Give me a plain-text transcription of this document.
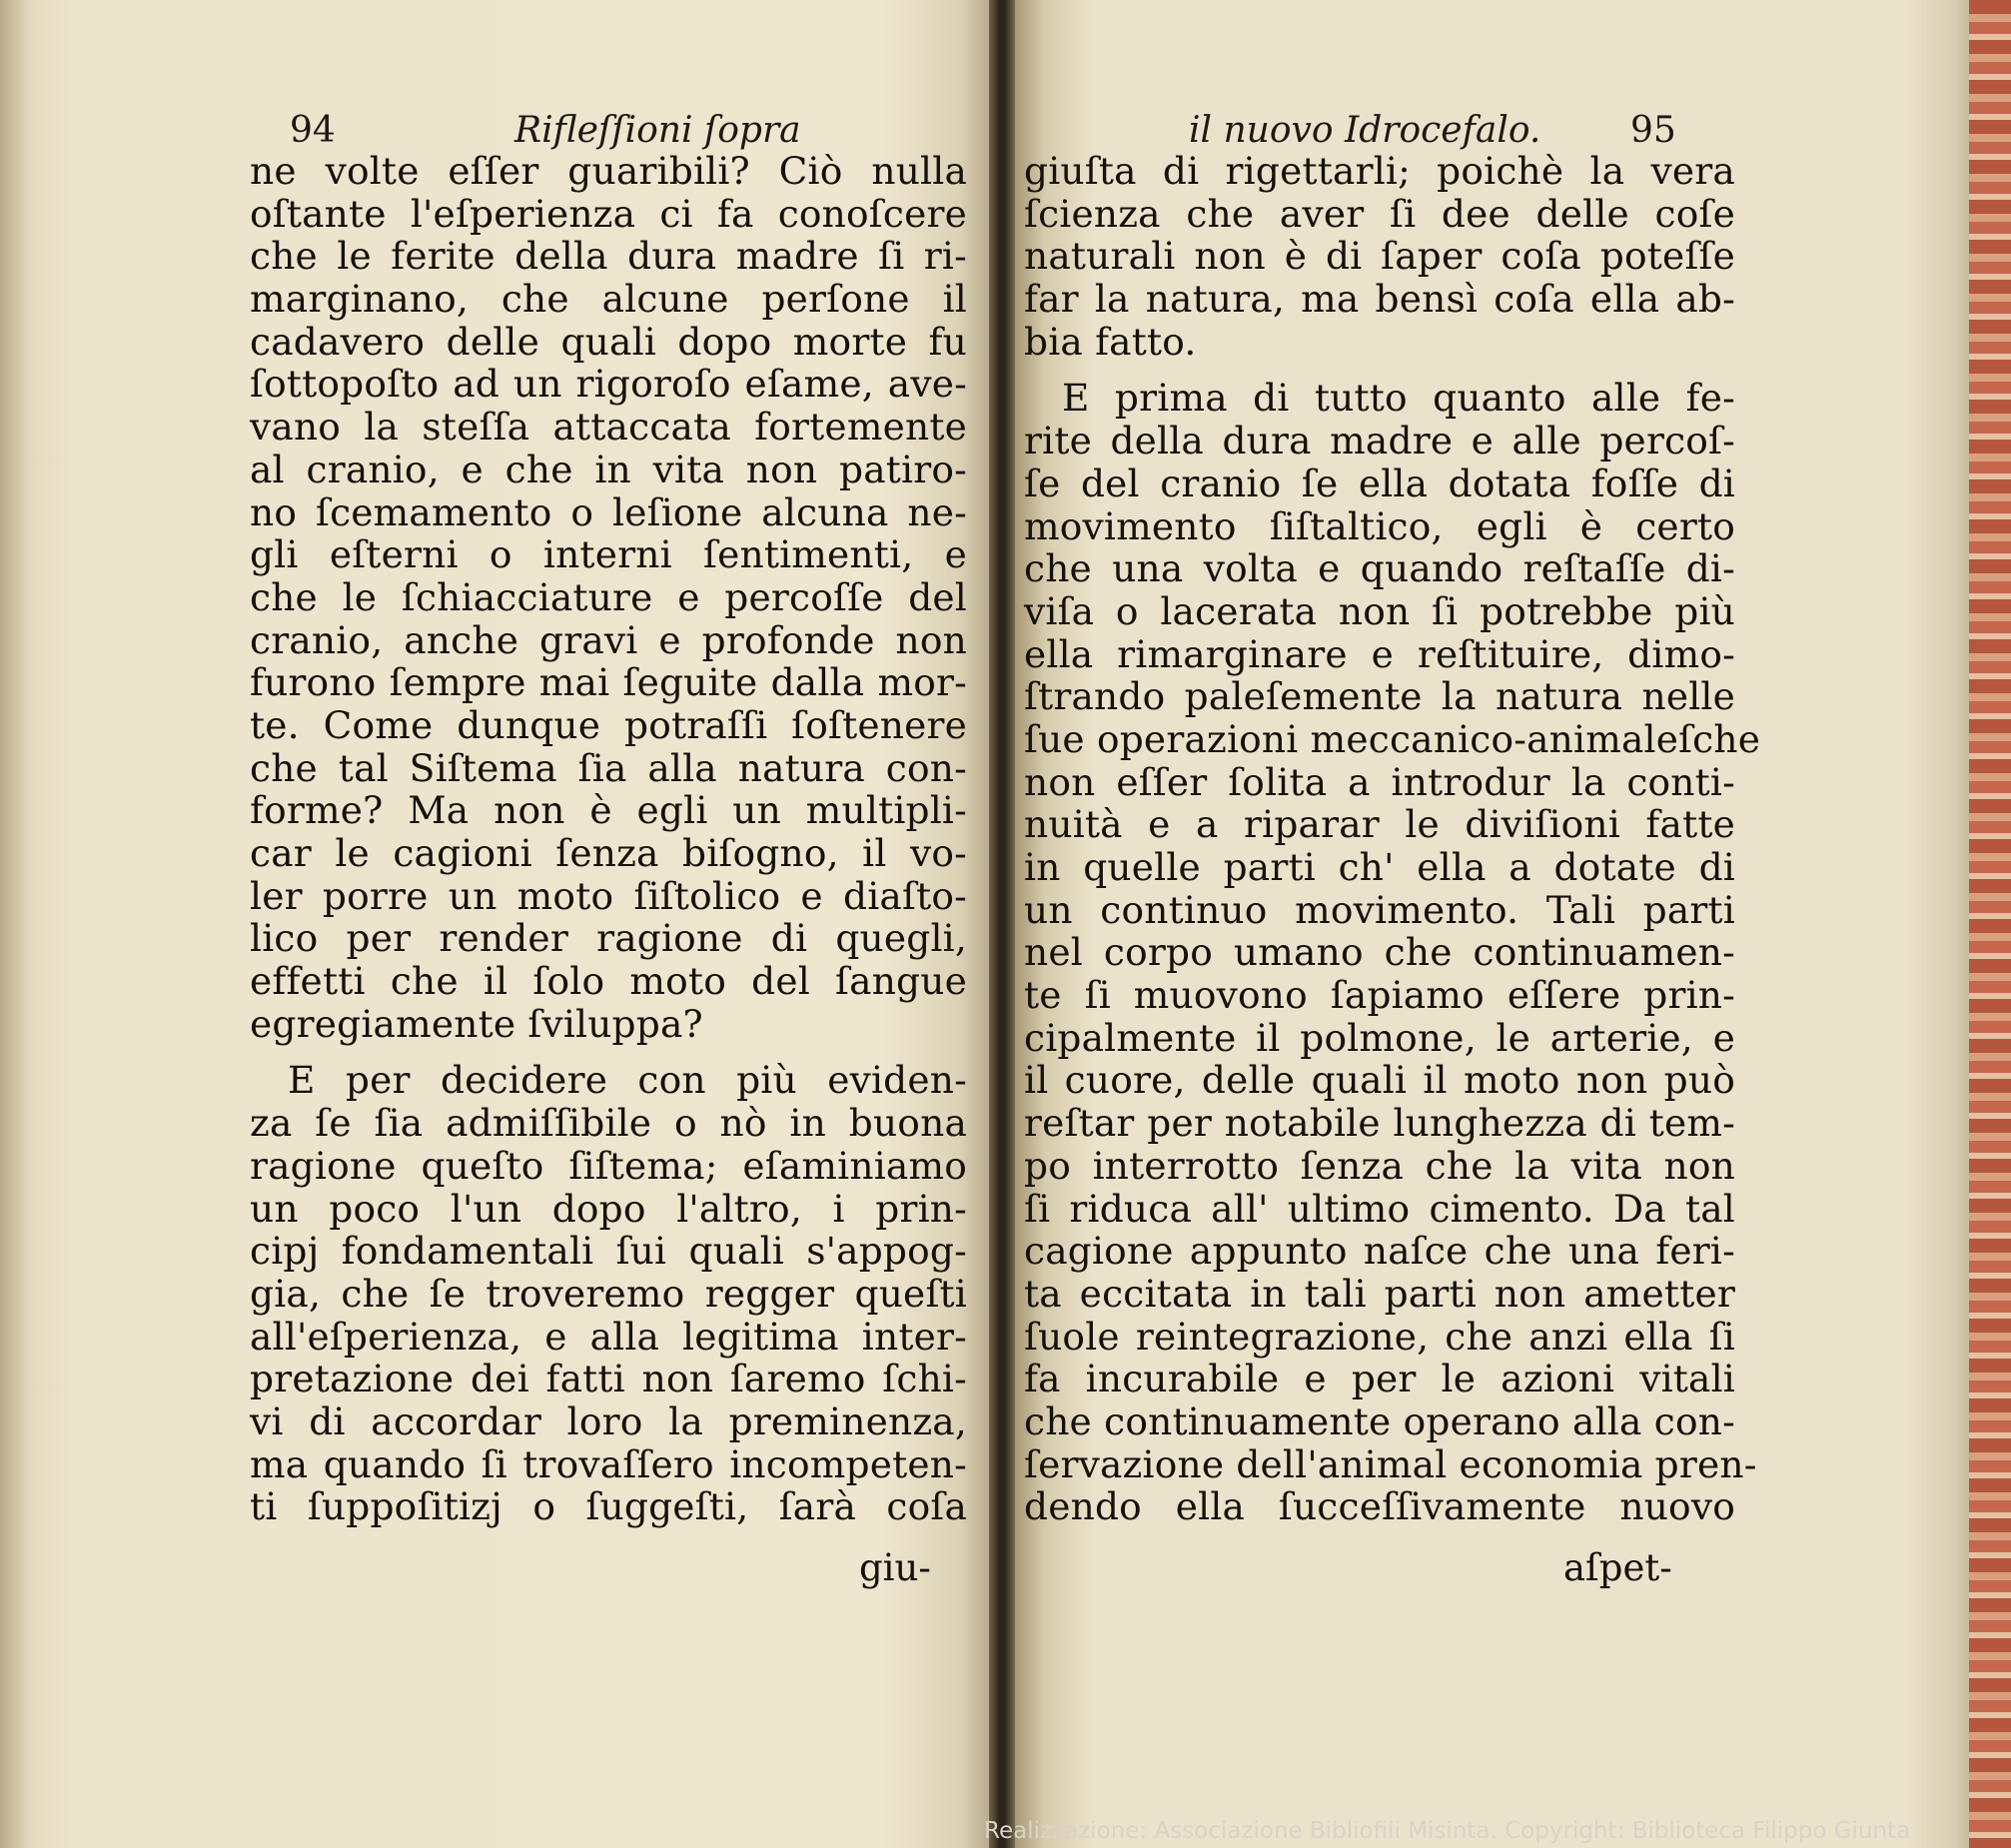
94	Rifleſſioni ſopra	il nuovo Idrocefalo. 95
ne volte eſſer guaribili? Ciò nulla
oſtante l'eſperienza ci fa conoſcere
che le ferite della dura madre ſi ri-
marginano, che alcune perſone il
cadavero delle quali dopo morte fu
ſottopoſto ad un rigoroſo eſame, ave-
vano la steſſa attaccata fortemente
al cranio, e che in vita non patiro-
no ſcemamento o leſione alcuna ne-
gli eſterni o interni ſentimenti, e
che le ſchiacciature e percoſſe del
cranio, anche gravi e profonde non
furono ſempre mai ſeguite dalla mor-
te. Come dunque potraſſi ſoſtenere
che tal Siſtema ſia alla natura con-
forme? Ma non è egli un multipli-
car le cagioni ſenza biſogno, il vo-
ler porre un moto ſiſtolico e diaſto-
lico per render ragione di quegli,
effetti che il ſolo moto del ſangue
egregiamente ſviluppa?
E per decidere con più eviden-
za ſe ſia admiſſibile o nò in buona
ragione queſto ſiſtema; eſaminiamo
un poco l'un dopo l'altro, i prin-
cipj fondamentali ſui quali s'appog-
gia, che ſe troveremo regger queſti
all'eſperienza, e alla legitima inter-
pretazione dei fatti non ſaremo ſchi-
vi di accordar loro la preminenza,
ma quando ſi trovaſſero incompeten-
ti ſuppoſitizj o ſuggeſti, ſarà coſa
giu-
giuſta di rigettarli; poichè la vera
ſcienza che aver ſi dee delle coſe
naturali non è di ſaper coſa poteſſe
far la natura, ma bensì coſa ella ab-
bia fatto.
E prima di tutto quanto alle fe-
rite della dura madre e alle percoſ-
ſe del cranio ſe ella dotata foſſe di
movimento ſiſtaltico, egli è certo
che una volta e quando reſtaſſe di-
viſa o lacerata non ſi potrebbe più
ella rimarginare e reſtituire, dimo-
ſtrando paleſemente la natura nelle
ſue operazioni meccanico-animaleſche
non eſſer ſolita a introdur la conti-
nuità e a riparar le diviſioni fatte
in quelle parti ch' ella a dotate di
un continuo movimento. Tali parti
nel corpo umano che continuamen-
te ſi muovono ſapiamo eſſere prin-
cipalmente il polmone, le arterie, e
il cuore, delle quali il moto non può
reſtar per notabile lunghezza di tem-
po interrotto ſenza che la vita non
ſi riduca all' ultimo cimento. Da tal
cagione appunto naſce che una feri-
ta eccitata in tali parti non ametter
ſuole reintegrazione, che anzi ella ſi
fa incurabile e per le azioni vitali
che continuamente operano alla con-
ſervazione dell'animal economia pren-
dendo ella ſucceſſivamente nuovo
aſpet-
Realizzazione: Associazione Bibliofili Misinta. Copyright: Biblioteca Filippo Giunta
